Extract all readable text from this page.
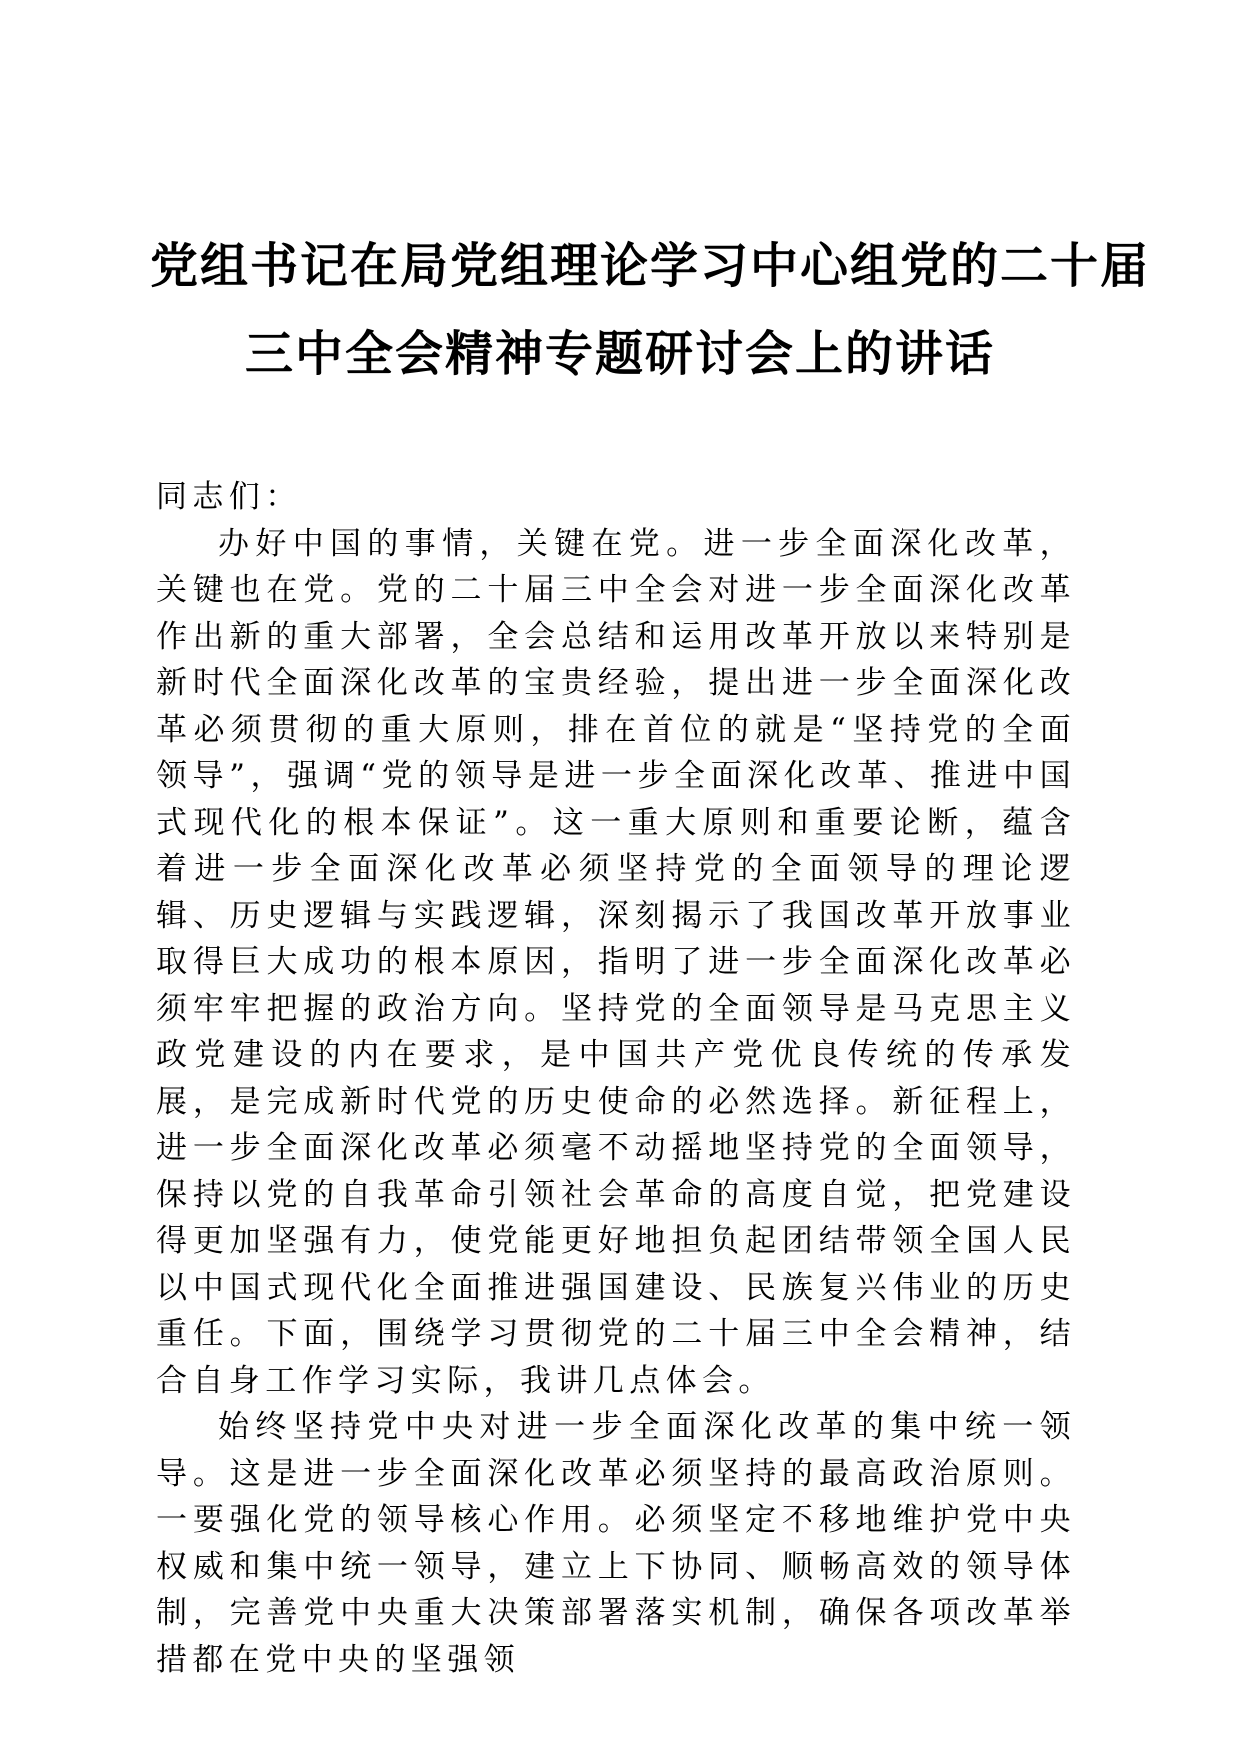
党组书记在局党组理论学习中心组党的二十届
三中全会精神专题研讨会上的讲话

同志们：

办好中国的事情，关键在党。进一步全面深化改革，关键也在党。党的二十届三中全会对进一步全面深化改革作出新的重大部署，全会总结和运用改革开放以来特别是新时代全面深化改革的宝贵经验，提出进一步全面深化改革必须贯彻的重大原则，排在首位的就是“坚持党的全面领导”，强调“党的领导是进一步全面深化改革、推进中国式现代化的根本保证”。这一重大原则和重要论断，蕴含着进一步全面深化改革必须坚持党的全面领导的理论逻辑、历史逻辑与实践逻辑，深刻揭示了我国改革开放事业取得巨大成功的根本原因，指明了进一步全面深化改革必须牢牢把握的政治方向。坚持党的全面领导是马克思主义政党建设的内在要求，是中国共产党优良传统的传承发展，是完成新时代党的历史使命的必然选择。新征程上，进一步全面深化改革必须毫不动摇地坚持党的全面领导，保持以党的自我革命引领社会革命的高度自觉，把党建设得更加坚强有力，使党能更好地担负起团结带领全国人民以中国式现代化全面推进强国建设、民族复兴伟业的历史重任。下面，围绕学习贯彻党的二十届三中全会精神，结合自身工作学习实际，我讲几点体会。

始终坚持党中央对进一步全面深化改革的集中统一领导。这是进一步全面深化改革必须坚持的最高政治原则。一要强化党的领导核心作用。必须坚定不移地维护党中央权威和集中统一领导，建立上下协同、顺畅高效的领导体制，完善党中央重大决策部署落实机制，确保各项改革举措都在党中央的坚强领
